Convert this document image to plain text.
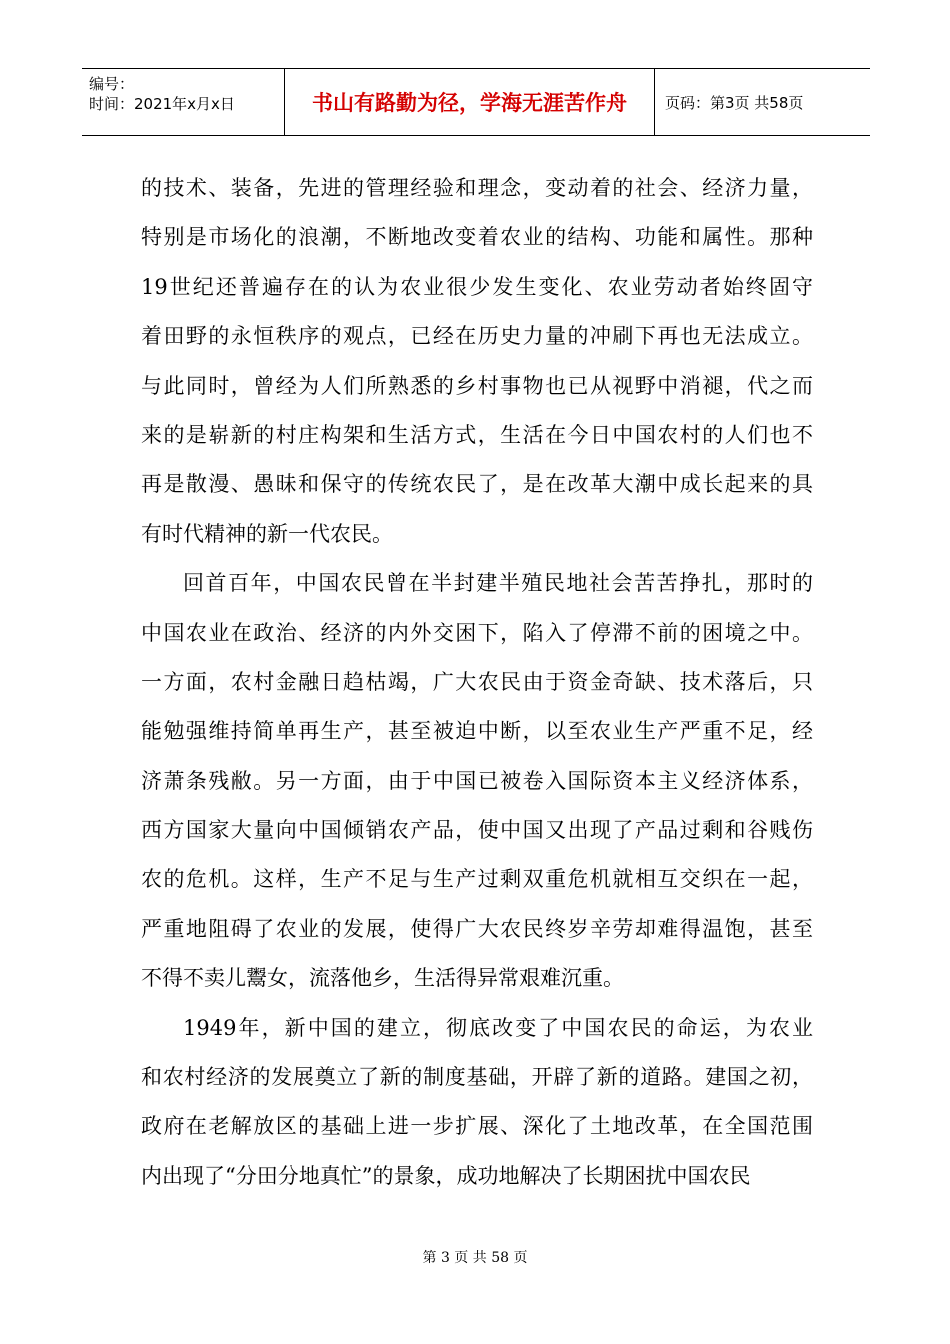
编号：
时间：2021年x月x日	书山有路勤为径，学海无涯苦作舟	页码：第3页 共58页
的技术、装备，先进的管理经验和理念，变动着的社会、经济力量，
特别是市场化的浪潮，不断地改变着农业的结构、功能和属性。那种
19世纪还普遍存在的认为农业很少发生变化、农业劳动者始终固守
着田野的永恒秩序的观点，已经在历史力量的冲刷下再也无法成立。
与此同时，曾经为人们所熟悉的乡村事物也已从视野中消褪，代之而
来的是崭新的村庄构架和生活方式，生活在今日中国农村的人们也不
再是散漫、愚昧和保守的传统农民了，是在改革大潮中成长起来的具
有时代精神的新一代农民。
回首百年，中国农民曾在半封建半殖民地社会苦苦挣扎，那时的
中国农业在政治、经济的内外交困下，陷入了停滞不前的困境之中。
一方面，农村金融日趋枯竭，广大农民由于资金奇缺、技术落后，只
能勉强维持简单再生产，甚至被迫中断，以至农业生产严重不足，经
济萧条残敝。另一方面，由于中国已被卷入国际资本主义经济体系，
西方国家大量向中国倾销农产品，使中国又出现了产品过剩和谷贱伤
农的危机。这样，生产不足与生产过剩双重危机就相互交织在一起，
严重地阻碍了农业的发展，使得广大农民终岁辛劳却难得温饱，甚至
不得不卖儿鬻女，流落他乡，生活得异常艰难沉重。
1949年，新中国的建立，彻底改变了中国农民的命运，为农业
和农村经济的发展奠立了新的制度基础，开辟了新的道路。建国之初，
政府在老解放区的基础上进一步扩展、深化了土地改革，在全国范围
内出现了“分田分地真忙”的景象，成功地解决了长期困扰中国农民
第 3 页 共 58 页
